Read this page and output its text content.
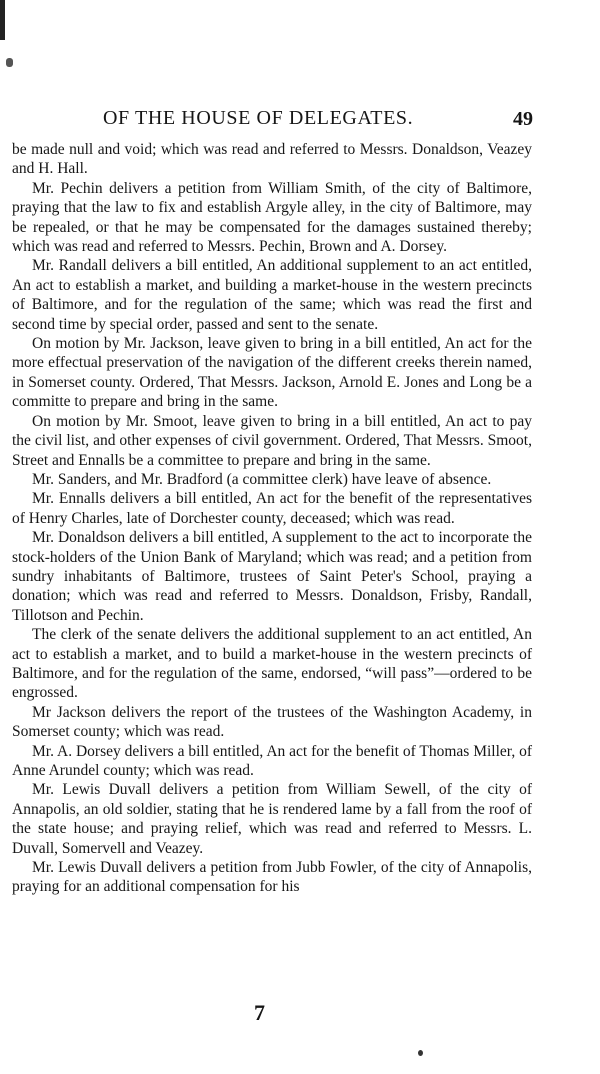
OF THE HOUSE OF DELEGATES.	49

be made null and void; which was read and referred to Messrs. Donaldson, Veazey and H. Hall.

Mr. Pechin delivers a petition from William Smith, of the city of Baltimore, praying that the law to fix and establish Argyle alley, in the city of Baltimore, may be repealed, or that he may be compensated for the damages sustained thereby; which was read and referred to Messrs. Pechin, Brown and A. Dorsey.

Mr. Randall delivers a bill entitled, An additional supplement to an act entitled, An act to establish a market, and building a market-house in the western precincts of Baltimore, and for the regulation of the same; which was read the first and second time by special order, passed and sent to the senate.

On motion by Mr. Jackson, leave given to bring in a bill entitled, An act for the more effectual preservation of the navigation of the different creeks therein named, in Somerset county. Ordered, That Messrs. Jackson, Arnold E. Jones and Long be a committe to prepare and bring in the same.

On motion by Mr. Smoot, leave given to bring in a bill entitled, An act to pay the civil list, and other expenses of civil government. Ordered, That Messrs. Smoot, Street and Ennalls be a committee to prepare and bring in the same.

Mr. Sanders, and Mr. Bradford (a committee clerk) have leave of absence.

Mr. Ennalls delivers a bill entitled, An act for the benefit of the representatives of Henry Charles, late of Dorchester county, deceased; which was read.

Mr. Donaldson delivers a bill entitled, A supplement to the act to incorporate the stock-holders of the Union Bank of Maryland; which was read; and a petition from sundry inhabitants of Baltimore, trustees of Saint Peter's School, praying a donation; which was read and referred to Messrs. Donaldson, Frisby, Randall, Tillotson and Pechin.

The clerk of the senate delivers the additional supplement to an act entitled, An act to establish a market, and to build a market-house in the western precincts of Baltimore, and for the regulation of the same, endorsed, “will pass”—ordered to be engrossed.

Mr Jackson delivers the report of the trustees of the Washington Academy, in Somerset county; which was read.

Mr. A. Dorsey delivers a bill entitled, An act for the benefit of Thomas Miller, of Anne Arundel county; which was read.

Mr. Lewis Duvall delivers a petition from William Sewell, of the city of Annapolis, an old soldier, stating that he is rendered lame by a fall from the roof of the state house; and praying relief, which was read and referred to Messrs. L. Duvall, Somervell and Veazey.

Mr. Lewis Duvall delivers a petition from Jubb Fowler, of the city of Annapolis, praying for an additional compensation for his

7
